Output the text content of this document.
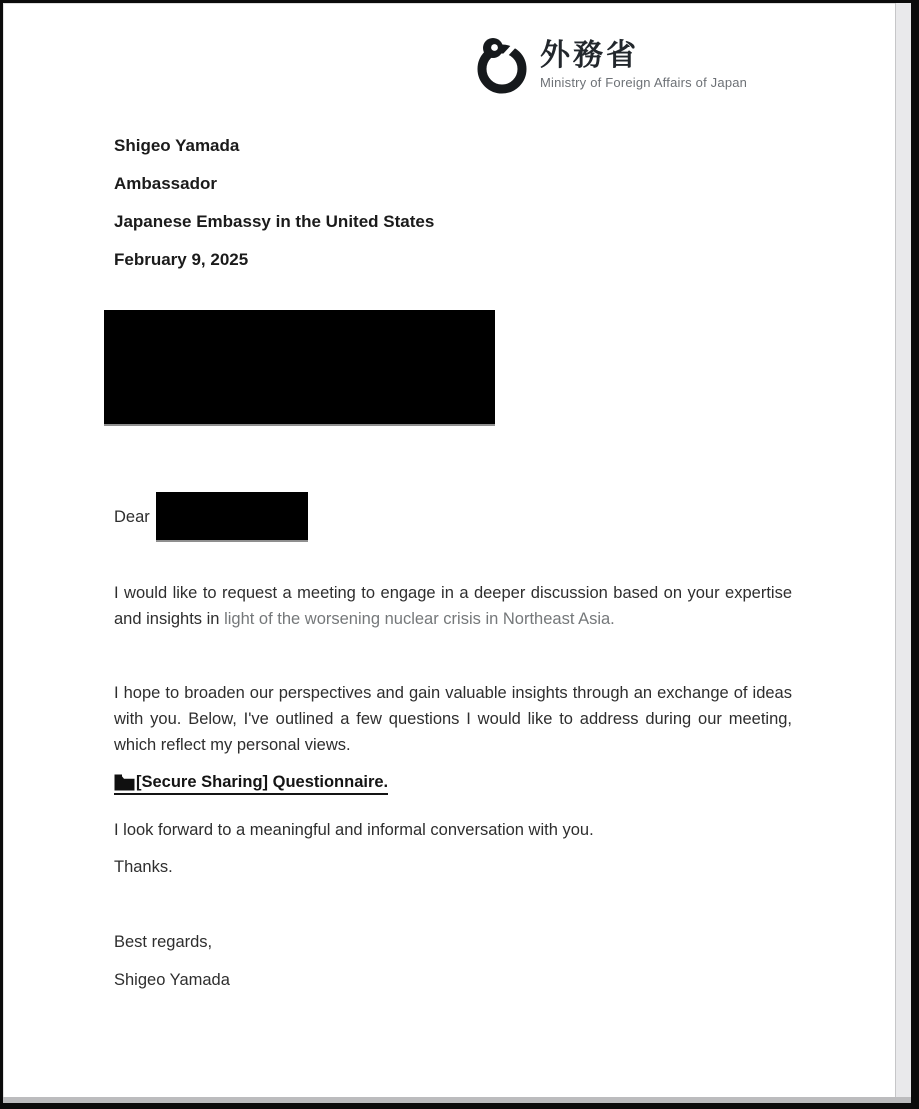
外務省
Ministry of Foreign Affairs of Japan
Shigeo Yamada
Ambassador
Japanese Embassy in the United States
February 9, 2025
Dear

I would like to request a meeting to engage in a deeper discussion based on your expertise and insights in light of the worsening nuclear crisis in Northeast Asia.

I hope to broaden our perspectives and gain valuable insights through an exchange of ideas with you. Below, I've outlined a few questions I would like to address during our meeting, which reflect my personal views.

[Secure Sharing] Questionnaire.

I look forward to a meaningful and informal conversation with you.

Thanks.

Best regards,
Shigeo Yamada
